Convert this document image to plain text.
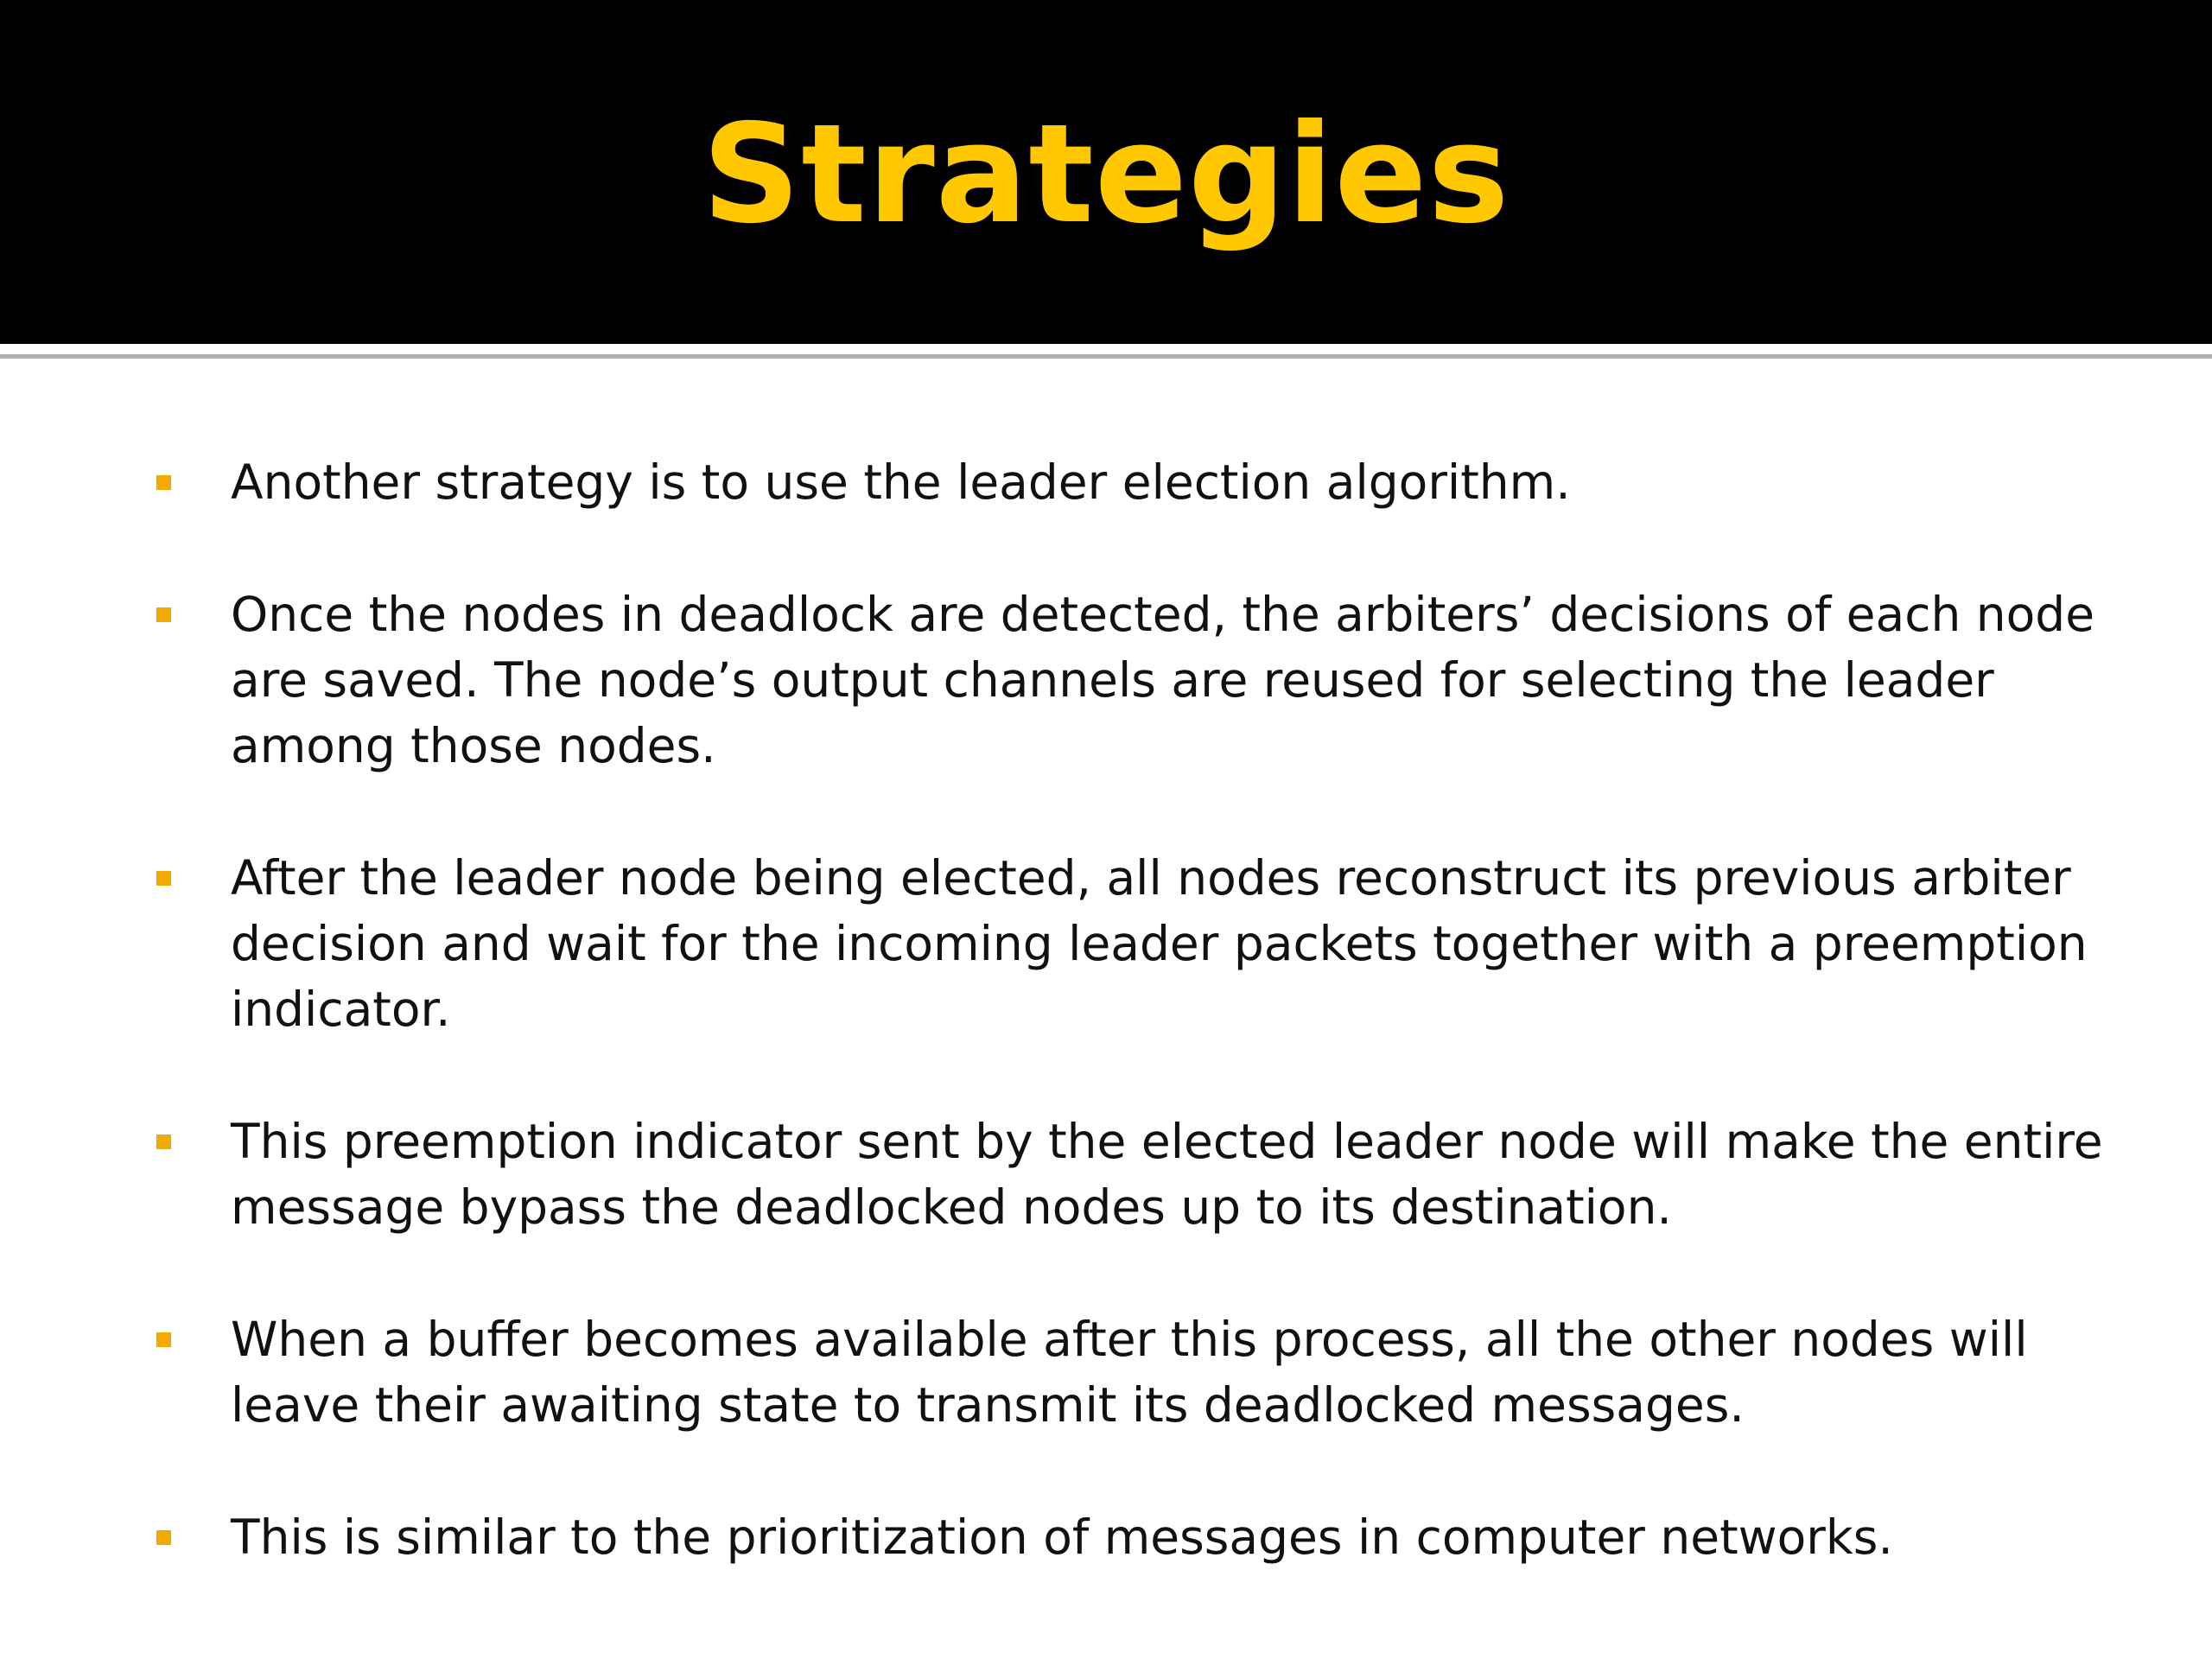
Strategies
Another strategy is to use the leader election algorithm.
Once the nodes in deadlock are detected, the arbiters’ decisions of each node are saved. The node’s output channels are reused for selecting the leader among those nodes.
After the leader node being elected, all nodes reconstruct its previous arbiter decision and wait for the incoming leader packets together with a preemption indicator.
This preemption indicator sent by the elected leader node will make the entire message bypass the deadlocked nodes up to its destination.
When a buffer becomes available after this process, all the other nodes will leave their awaiting state to transmit its deadlocked messages.
This is similar to the prioritization of messages in computer networks.
